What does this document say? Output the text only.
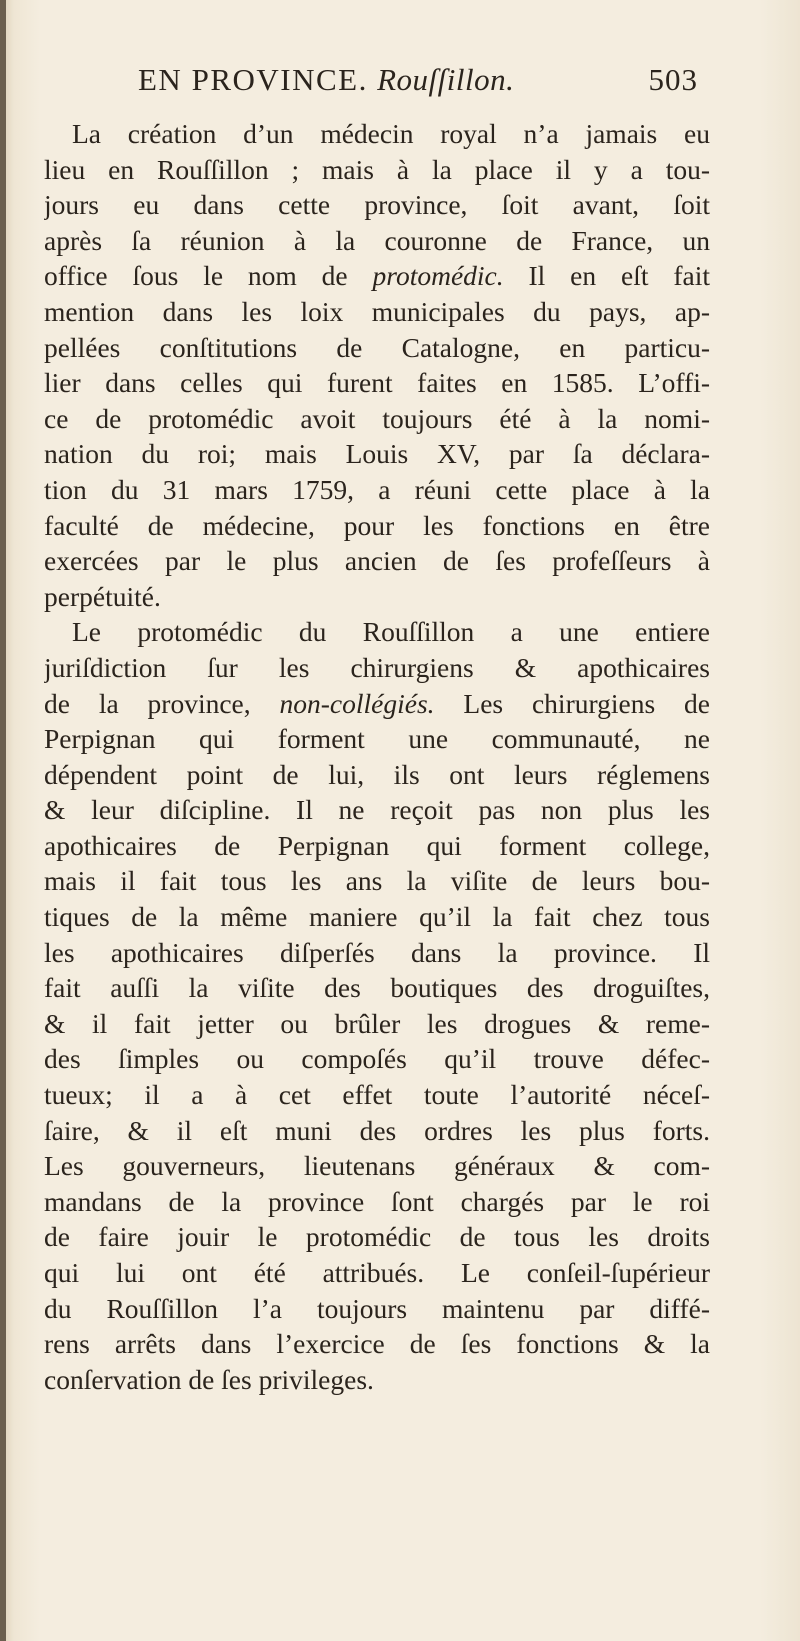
EN PROVINCE. Rouſſillon.	503
La création d’un médecin royal n’a jamais eu
lieu en Rouſſillon ; mais à la place il y a tou-
jours eu dans cette province, ſoit avant, ſoit
après ſa réunion à la couronne de France, un
office ſous le nom de protomédic. Il en eſt fait
mention dans les loix municipales du pays, ap-
pellées conſtitutions de Catalogne, en particu-
lier dans celles qui furent faites en 1585. L’offi-
ce de protomédic avoit toujours été à la nomi-
nation du roi; mais Louis XV, par ſa déclara-
tion du 31 mars 1759, a réuni cette place à la
faculté de médecine, pour les fonctions en être
exercées par le plus ancien de ſes profeſſeurs à
perpétuité.
Le protomédic du Rouſſillon a une entiere
juriſdiction ſur les chirurgiens & apothicaires
de la province, non-collégiés. Les chirurgiens de
Perpignan qui forment une communauté, ne
dépendent point de lui, ils ont leurs réglemens
& leur diſcipline. Il ne reçoit pas non plus les
apothicaires de Perpignan qui forment college,
mais il fait tous les ans la viſite de leurs bou-
tiques de la même maniere qu’il la fait chez tous
les apothicaires diſperſés dans la province. Il
fait auſſi la viſite des boutiques des droguiſtes,
& il fait jetter ou brûler les drogues & reme-
des ſimples ou compoſés qu’il trouve défec-
tueux; il a à cet effet toute l’autorité néceſ-
ſaire, & il eſt muni des ordres les plus forts.
Les gouverneurs, lieutenans généraux & com-
mandans de la province ſont chargés par le roi
de faire jouir le protomédic de tous les droits
qui lui ont été attribués. Le conſeil-ſupérieur
du Rouſſillon l’a toujours maintenu par diffé-
rens arrêts dans l’exercice de ſes fonctions & la
conſervation de ſes privileges.
